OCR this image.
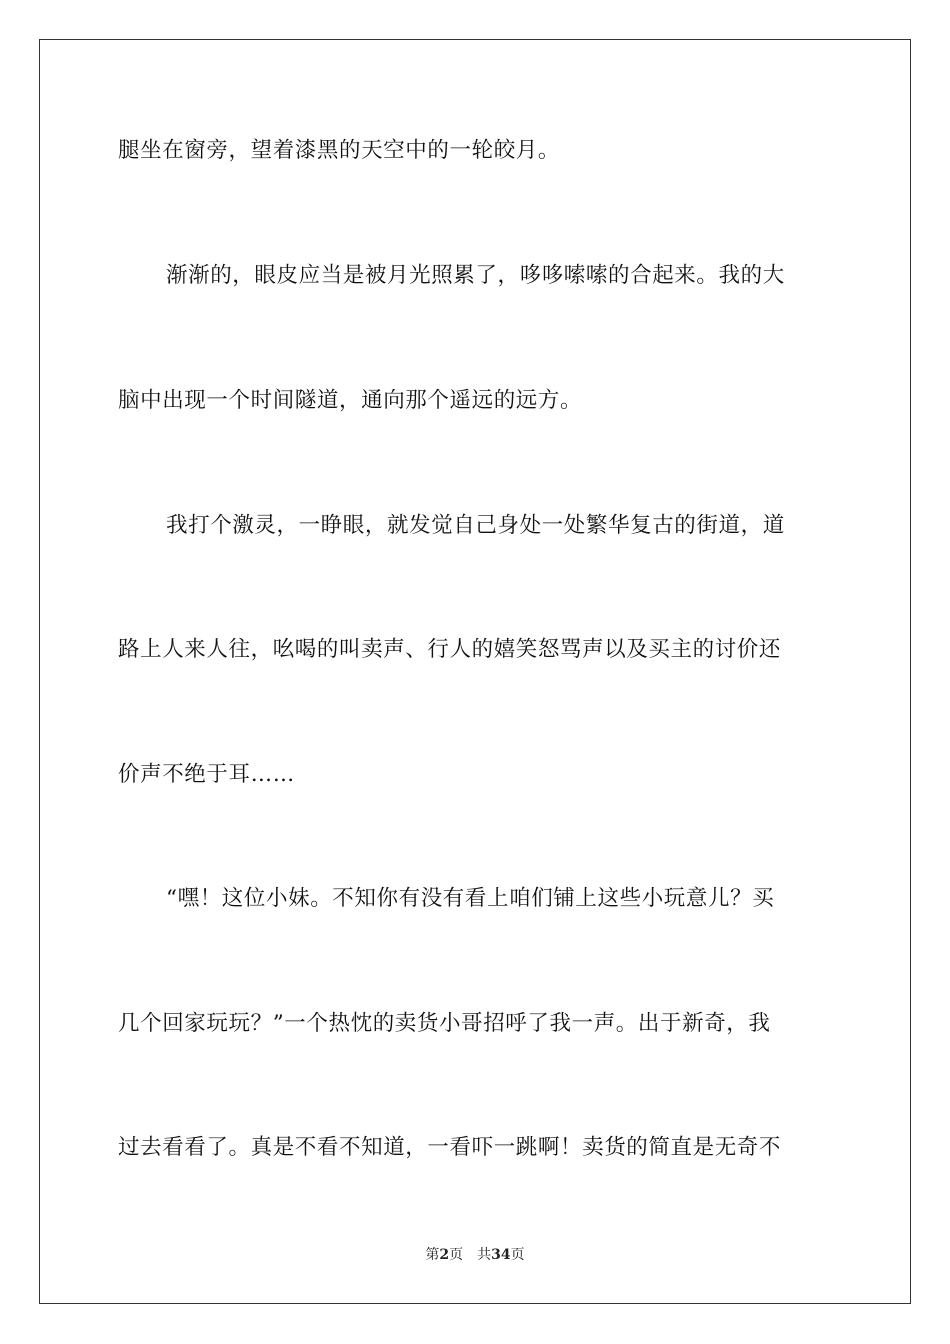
腿坐在窗旁，望着漆黑的天空中的一轮皎月。
渐渐的，眼皮应当是被月光照累了，哆哆嗦嗦的合起来。我的大
脑中出现一个时间隧道，通向那个遥远的远方。
我打个激灵，一睁眼，就发觉自己身处一处繁华复古的街道，道
路上人来人往，吆喝的叫卖声、行人的嬉笑怒骂声以及买主的讨价还
价声不绝于耳……
“嘿！这位小妹。不知你有没有看上咱们铺上这些小玩意儿？买
几个回家玩玩？”一个热忱的卖货小哥招呼了我一声。出于新奇，我
过去看看了。真是不看不知道，一看吓一跳啊！卖货的简直是无奇不
第2页 共34页
